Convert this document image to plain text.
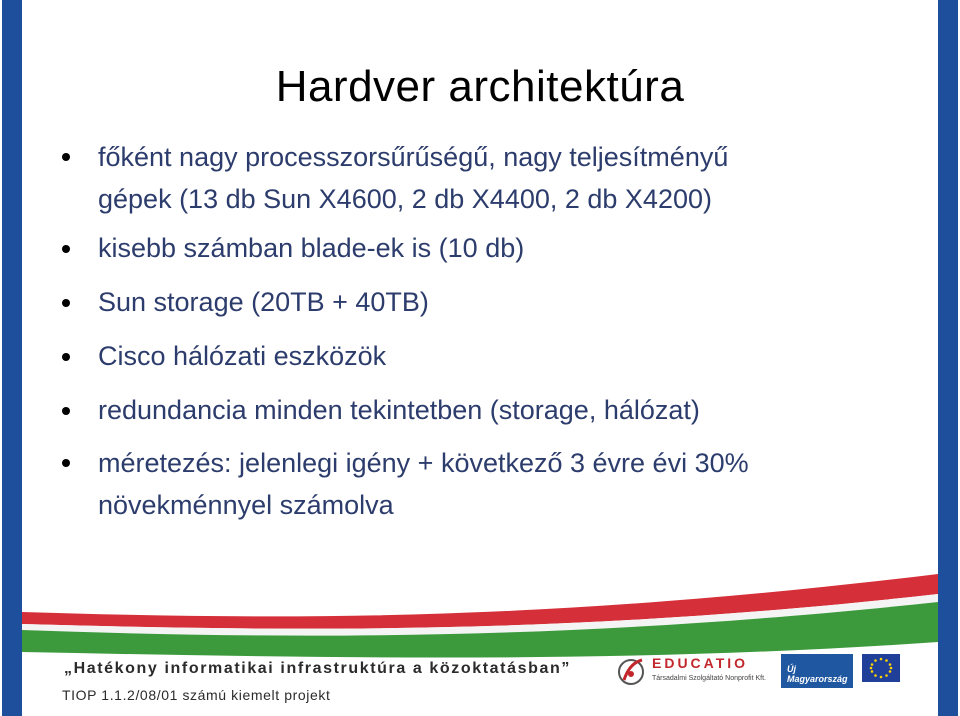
Hardver architektúra
főként nagy processzorsűrűségű, nagy teljesítményű
gépek (13 db Sun X4600, 2 db X4400, 2 db X4200)
kisebb számban blade-ek is (10 db)
Sun storage (20TB + 40TB)
Cisco hálózati eszközök
redundancia minden tekintetben (storage, hálózat)
méretezés: jelenlegi igény + következő 3 évre évi 30%
növekménnyel számolva
„Hatékony informatikai infrastruktúra a közoktatásban”
TIOP 1.1.2/08/01 számú kiemelt projekt
EDUCATIO
Társadalmi Szolgáltató Nonprofit Kft.
Új Magyarország
